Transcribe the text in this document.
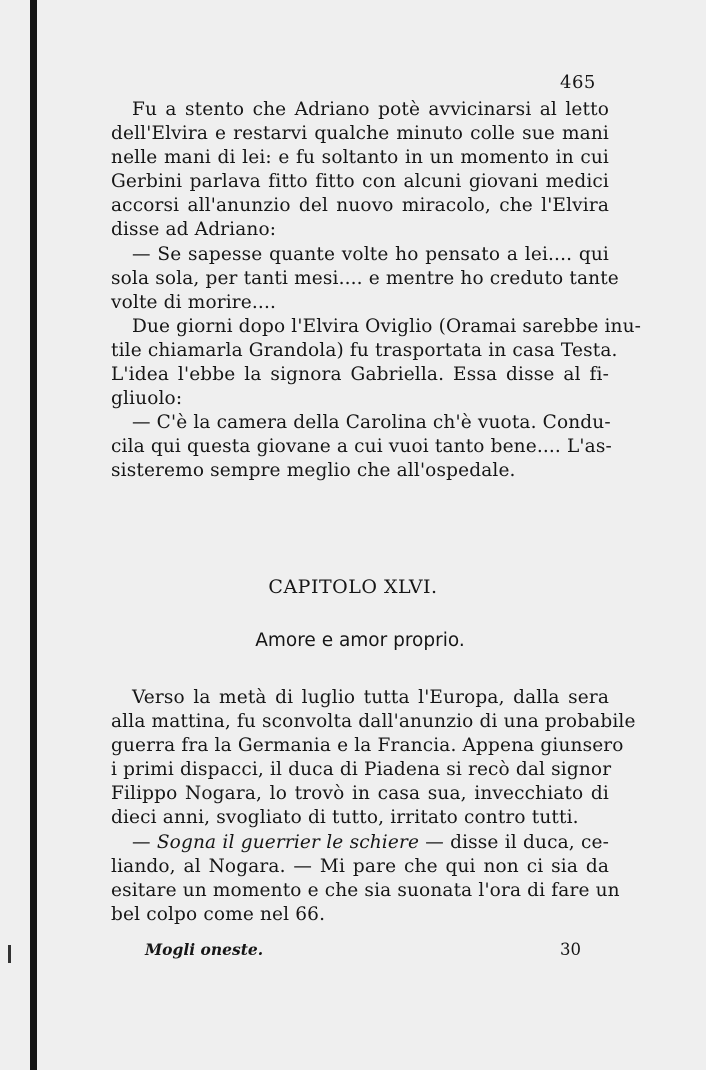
465
Fu a stento che Adriano potè avvicinarsi al letto
dell'Elvira e restarvi qualche minuto colle sue mani
nelle mani di lei: e fu soltanto in un momento in cui
Gerbini parlava fitto fitto con alcuni giovani medici
accorsi all'anunzio del nuovo miracolo, che l'Elvira
disse ad Adriano:
— Se sapesse quante volte ho pensato a lei.... qui
sola sola, per tanti mesi.... e mentre ho creduto tante
volte di morire....
Due giorni dopo l'Elvira Oviglio (Oramai sarebbe inu-
tile chiamarla Grandola) fu trasportata in casa Testa.
L'idea l'ebbe la signora Gabriella. Essa disse al fi-
gliuolo:
— C'è la camera della Carolina ch'è vuota. Condu-
cila qui questa giovane a cui vuoi tanto bene.... L'as-
sisteremo sempre meglio che all'ospedale.
CAPITOLO XLVI.
Amore e amor proprio.
Verso la metà di luglio tutta l'Europa, dalla sera
alla mattina, fu sconvolta dall'anunzio di una probabile
guerra fra la Germania e la Francia. Appena giunsero
i primi dispacci, il duca di Piadena si recò dal signor
Filippo Nogara, lo trovò in casa sua, invecchiato di
dieci anni, svogliato di tutto, irritato contro tutti.
— Sogna il guerrier le schiere — disse il duca, ce-
liando, al Nogara. — Mi pare che qui non ci sia da
esitare un momento e che sia suonata l'ora di fare un
bel colpo come nel 66.
Mogli oneste.	30
